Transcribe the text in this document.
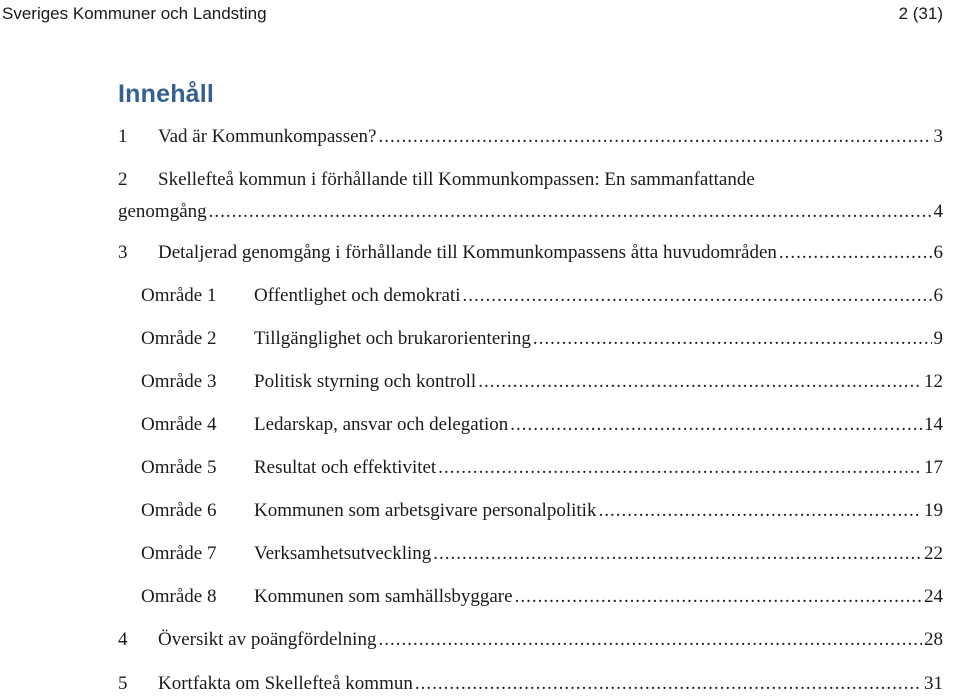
Sveriges Kommuner och Landsting	2 (31)
Innehåll
1	Vad är Kommunkompassen? .....	3
2	Skellefteå kommun i förhållande till Kommunkompassen: En sammanfattande
genomgång .....	4
3	Detaljerad genomgång i förhållande till Kommunkompassens åtta huvudområden .....	6
Område 1	Offentlighet och demokrati .....	6
Område 2	Tillgänglighet och brukarorientering .....	9
Område 3	Politisk styrning och kontroll .....	12
Område 4	Ledarskap, ansvar och delegation .....	14
Område 5	Resultat och effektivitet .....	17
Område 6	Kommunen som arbetsgivare personalpolitik .....	19
Område 7	Verksamhetsutveckling .....	22
Område 8	Kommunen som samhällsbyggare .....	24
4	Översikt av poängfördelning .....	28
5	Kortfakta om Skellefteå kommun .....	31
